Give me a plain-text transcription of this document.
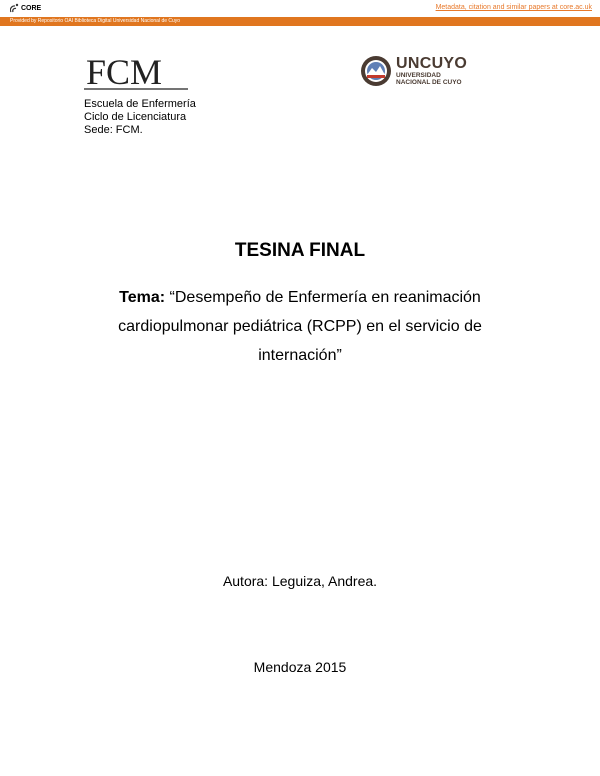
CORE	Metadata, citation and similar papers at core.ac.uk
Provided by Repositorio OAI Biblioteca Digital Universidad Nacional de Cuyo
FCM	UNCUYO
UNIVERSIDAD
NACIONAL DE CUYO
Escuela de Enfermería
Ciclo de Licenciatura
Sede: FCM.
TESINA FINAL
Tema: “Desempeño de Enfermería en reanimación cardiopulmonar pediátrica (RCPP) en el servicio de internación”
Autora: Leguiza, Andrea.
Mendoza 2015
